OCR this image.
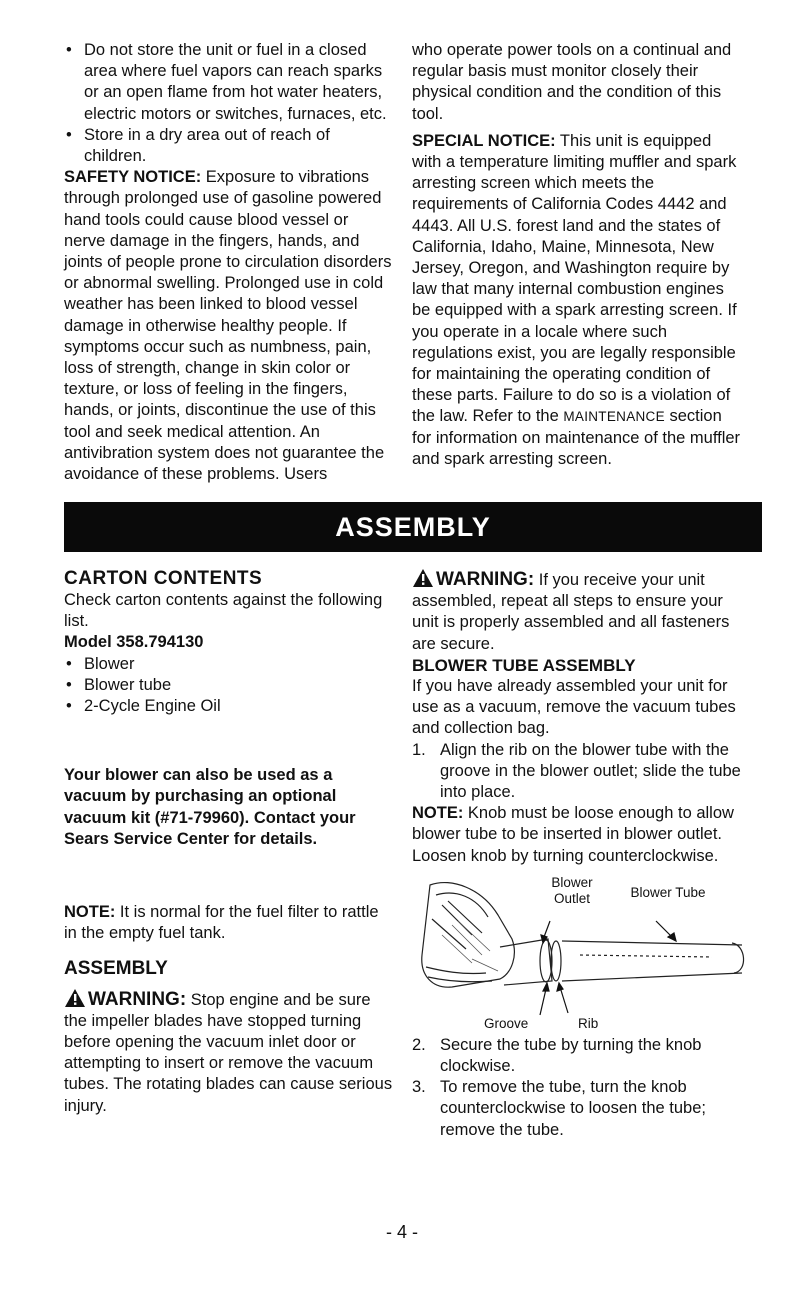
• Do not store the unit or fuel in a closed area where fuel vapors can reach sparks or an open flame from hot water heaters, electric motors or switches, furnaces, etc.
• Store in a dry area out of reach of children.

SAFETY NOTICE: Exposure to vibrations through prolonged use of gasoline powered hand tools could cause blood vessel or nerve damage in the fingers, hands, and joints of people prone to circulation disorders or abnormal swelling. Prolonged use in cold weather has been linked to blood vessel damage in otherwise healthy people. If symptoms occur such as numbness, pain, loss of strength, change in skin color or texture, or loss of feeling in the fingers, hands, or joints, discontinue the use of this tool and seek medical attention. An antivibration system does not guarantee the avoidance of these problems. Users

who operate power tools on a continual and regular basis must monitor closely their physical condition and the condition of this tool.

SPECIAL NOTICE: This unit is equipped with a temperature limiting muffler and spark arresting screen which meets the requirements of California Codes 4442 and 4443. All U.S. forest land and the states of California, Idaho, Maine, Minnesota, New Jersey, Oregon, and Washington require by law that many internal combustion engines be equipped with a spark arresting screen. If you operate in a locale where such regulations exist, you are legally responsible for maintaining the operating condition of these parts. Failure to do so is a violation of the law. Refer to the MAINTENANCE section for information on maintenance of the muffler and spark arresting screen.

ASSEMBLY

CARTON CONTENTS

Check carton contents against the following list.

Model 358.794130

• Blower
• Blower tube
• 2-Cycle Engine Oil

Your blower can also be used as a vacuum by purchasing an optional vacuum kit (#71-79960). Contact your Sears Service Center for details.

NOTE: It is normal for the fuel filter to rattle in the empty fuel tank.

ASSEMBLY

WARNING: Stop engine and be sure the impeller blades have stopped turning before opening the vacuum inlet door or attempting to insert or remove the vacuum tubes. The rotating blades can cause serious injury.

WARNING: If you receive your unit assembled, repeat all steps to ensure your unit is properly assembled and all fasteners are secure.

BLOWER TUBE ASSEMBLY

If you have already assembled your unit for use as a vacuum, remove the vacuum tubes and collection bag.

1. Align the rib on the blower tube with the groove in the blower outlet; slide the tube into place.

NOTE: Knob must be loose enough to allow blower tube to be inserted in blower outlet. Loosen knob by turning counterclockwise.

Blower Outlet	Blower Tube
Groove	Rib
2. Secure the tube by turning the knob clockwise.
3. To remove the tube, turn the knob counterclockwise to loosen the tube; remove the tube.
- 4 -
